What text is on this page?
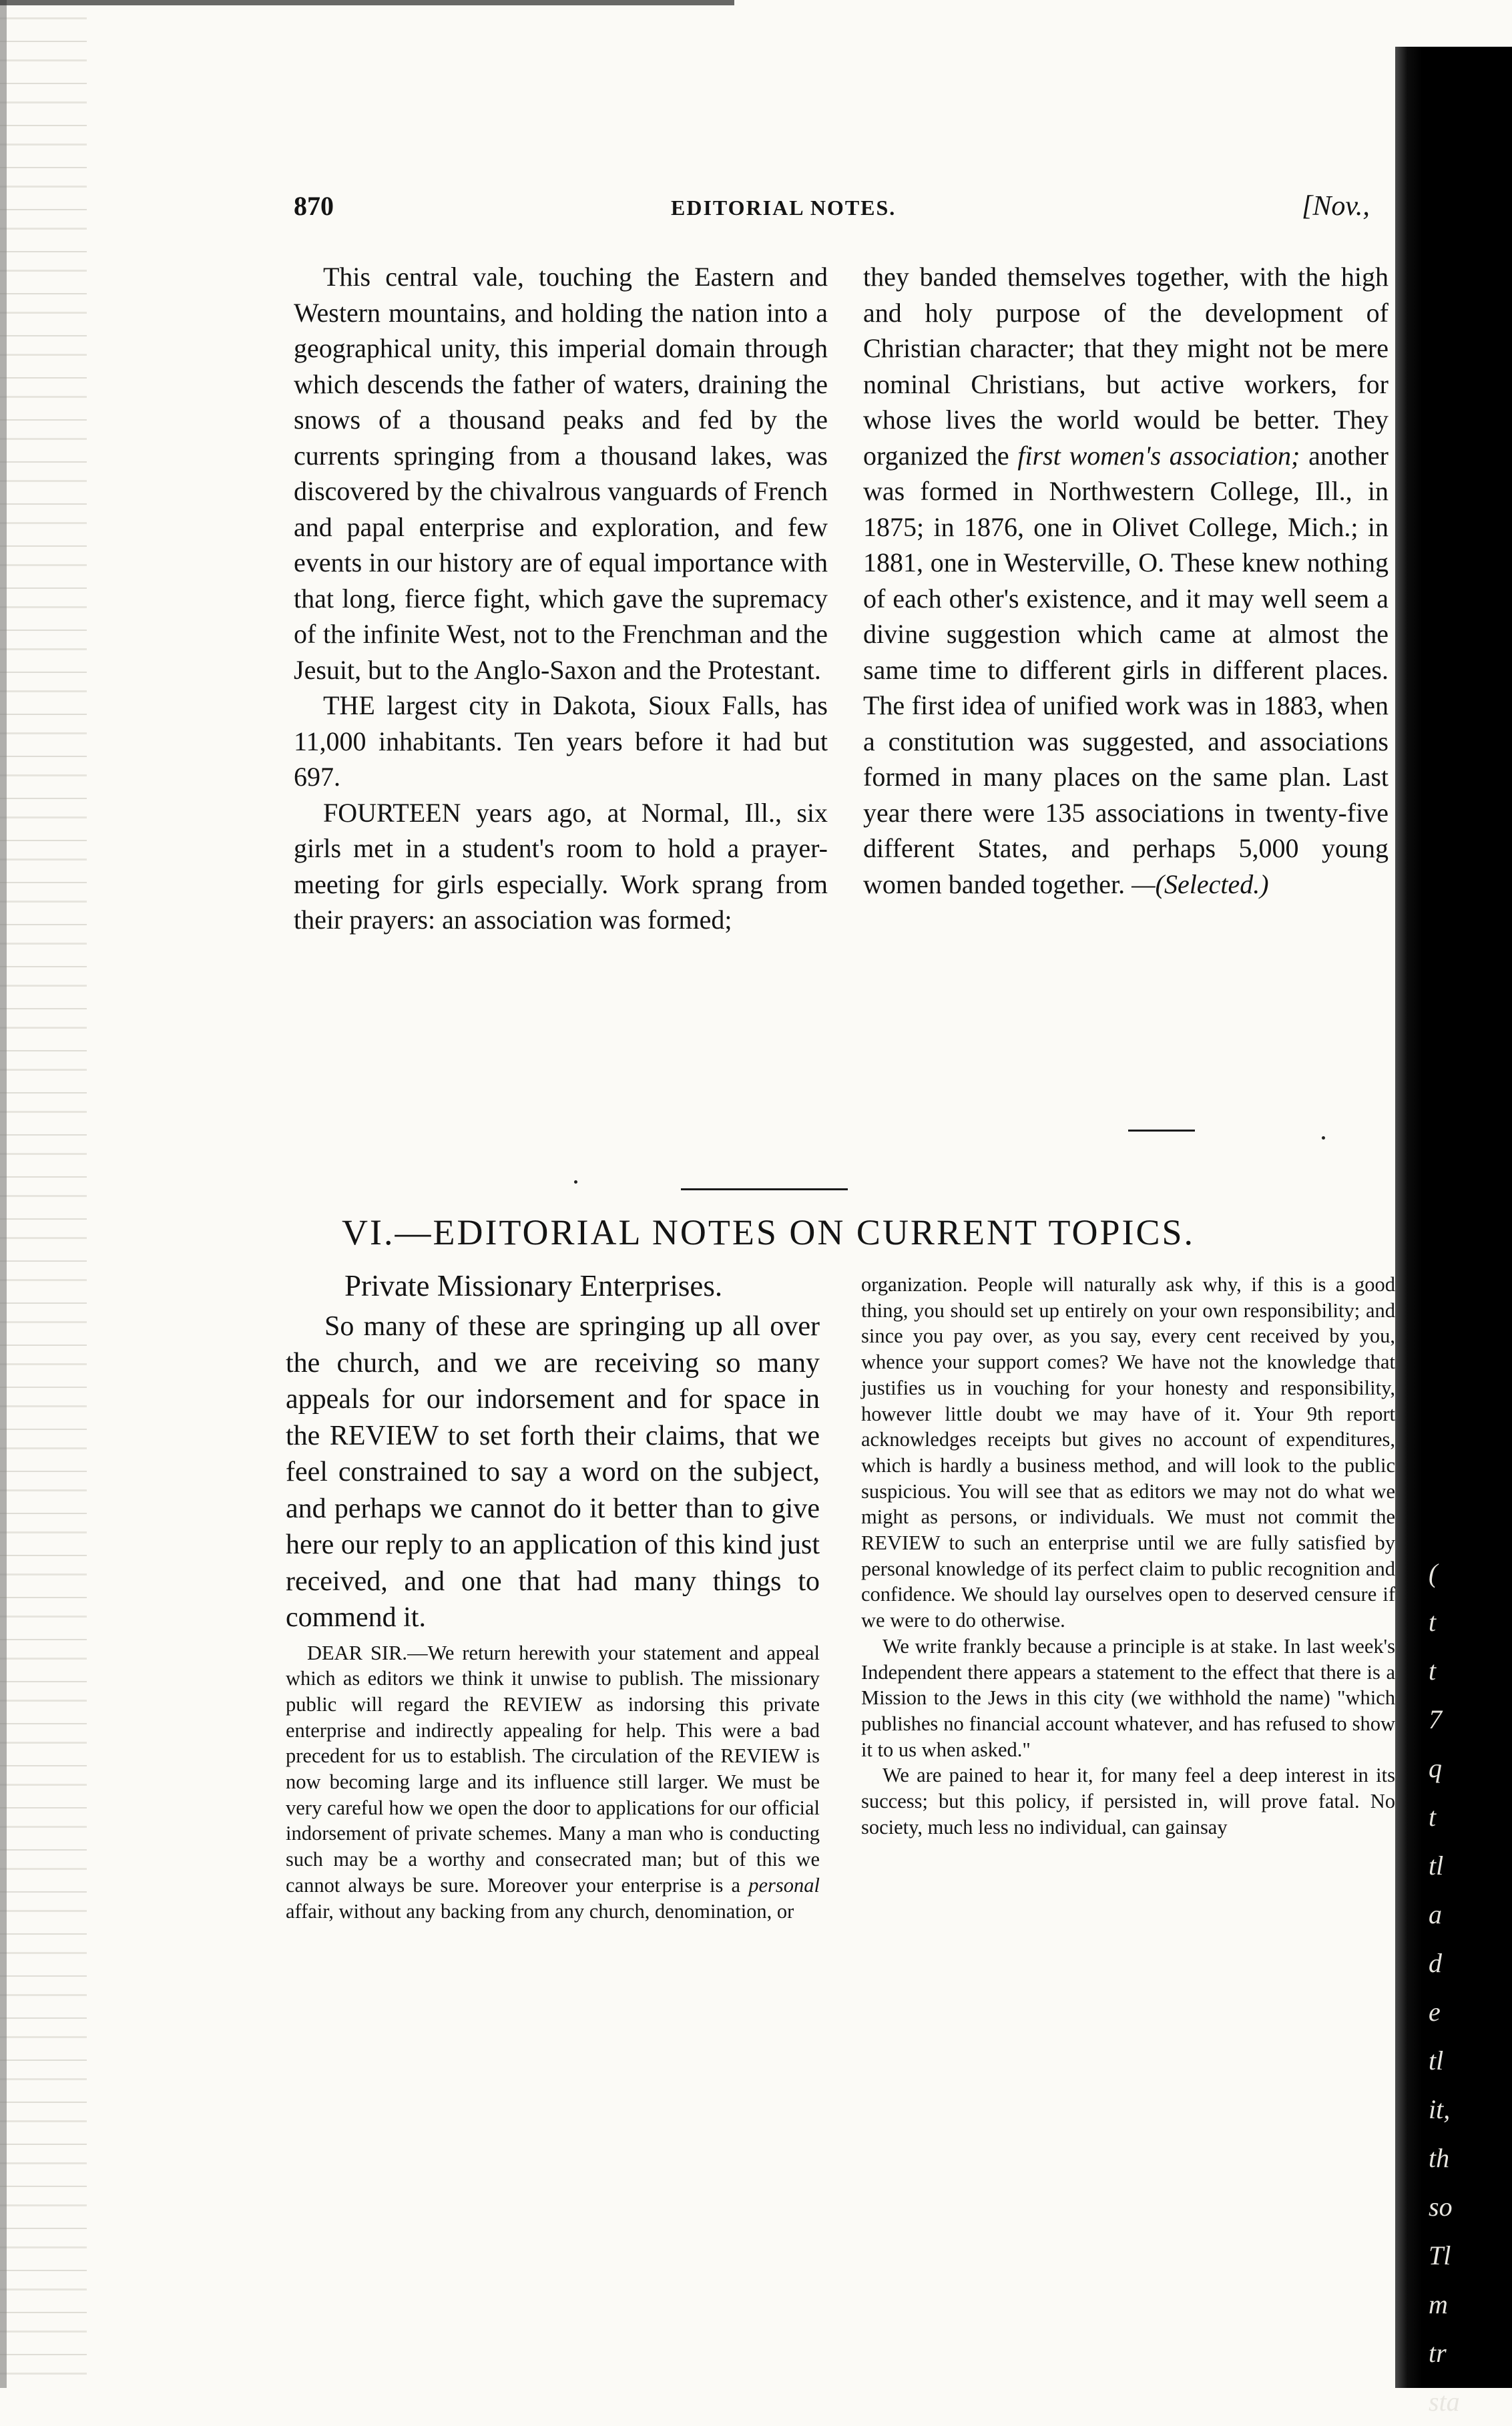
870	EDITORIAL NOTES.	[Nov.,

This central vale, touching the Eastern and Western mountains, and holding the nation into a geographical unity, this imperial domain through which descends the father of waters, draining the snows of a thousand peaks and fed by the currents springing from a thousand lakes, was discovered by the chivalrous vanguards of French and papal enterprise and exploration, and few events in our history are of equal importance with that long, fierce fight, which gave the supremacy of the infinite West, not to the Frenchman and the Jesuit, but to the Anglo-Saxon and the Protestant.

THE largest city in Dakota, Sioux Falls, has 11,000 inhabitants. Ten years before it had but 697.

FOURTEEN years ago, at Normal, Ill., six girls met in a student's room to hold a prayer-meeting for girls especially. Work sprang from their prayers: an association was formed;

they banded themselves together, with the high and holy purpose of the development of Christian character; that they might not be mere nominal Christians, but active workers, for whose lives the world would be better. They organized the first women's association; another was formed in Northwestern College, Ill., in 1875; in 1876, one in Olivet College, Mich.; in 1881, one in Westerville, O. These knew nothing of each other's existence, and it may well seem a divine suggestion which came at almost the same time to different girls in different places. The first idea of unified work was in 1883, when a constitution was suggested, and associations formed in many places on the same plan. Last year there were 135 associations in twenty-five different States, and perhaps 5,000 young women banded together. —(Selected.)

VI.—EDITORIAL NOTES ON CURRENT TOPICS.
Private Missionary Enterprises.

So many of these are springing up all over the church, and we are receiving so many appeals for our indorsement and for space in the REVIEW to set forth their claims, that we feel constrained to say a word on the subject, and perhaps we cannot do it better than to give here our reply to an application of this kind just received, and one that had many things to commend it.

DEAR SIR.—We return herewith your statement and appeal which as editors we think it unwise to publish. The missionary public will regard the REVIEW as indorsing this private enterprise and indirectly appealing for help. This were a bad precedent for us to establish. The circulation of the REVIEW is now becoming large and its influence still larger. We must be very careful how we open the door to applications for our official indorsement of private schemes. Many a man who is conducting such may be a worthy and consecrated man; but of this we cannot always be sure. Moreover your enterprise is a personal affair, without any backing from any church, denomination, or

organization. People will naturally ask why, if this is a good thing, you should set up entirely on your own responsibility; and since you pay over, as you say, every cent received by you, whence your support comes? We have not the knowledge that justifies us in vouching for your honesty and responsibility, however little doubt we may have of it. Your 9th report acknowledges receipts but gives no account of expenditures, which is hardly a business method, and will look to the public suspicious. You will see that as editors we may not do what we might as persons, or individuals. We must not commit the REVIEW to such an enterprise until we are fully satisfied by personal knowledge of its perfect claim to public recognition and confidence. We should lay ourselves open to deserved censure if we were to do otherwise.

We write frankly because a principle is at stake. In last week's Independent there appears a statement to the effect that there is a Mission to the Jews in this city (we withhold the name) "which publishes no financial account whatever, and has refused to show it to us when asked."

We are pained to hear it, for many feel a deep interest in its success; but this policy, if persisted in, will prove fatal. No society, much less no individual, can gainsay

(
t
t
7
q
t
tl
a
d
e
tl
it,
th
so
Tl
m
tr
sta
